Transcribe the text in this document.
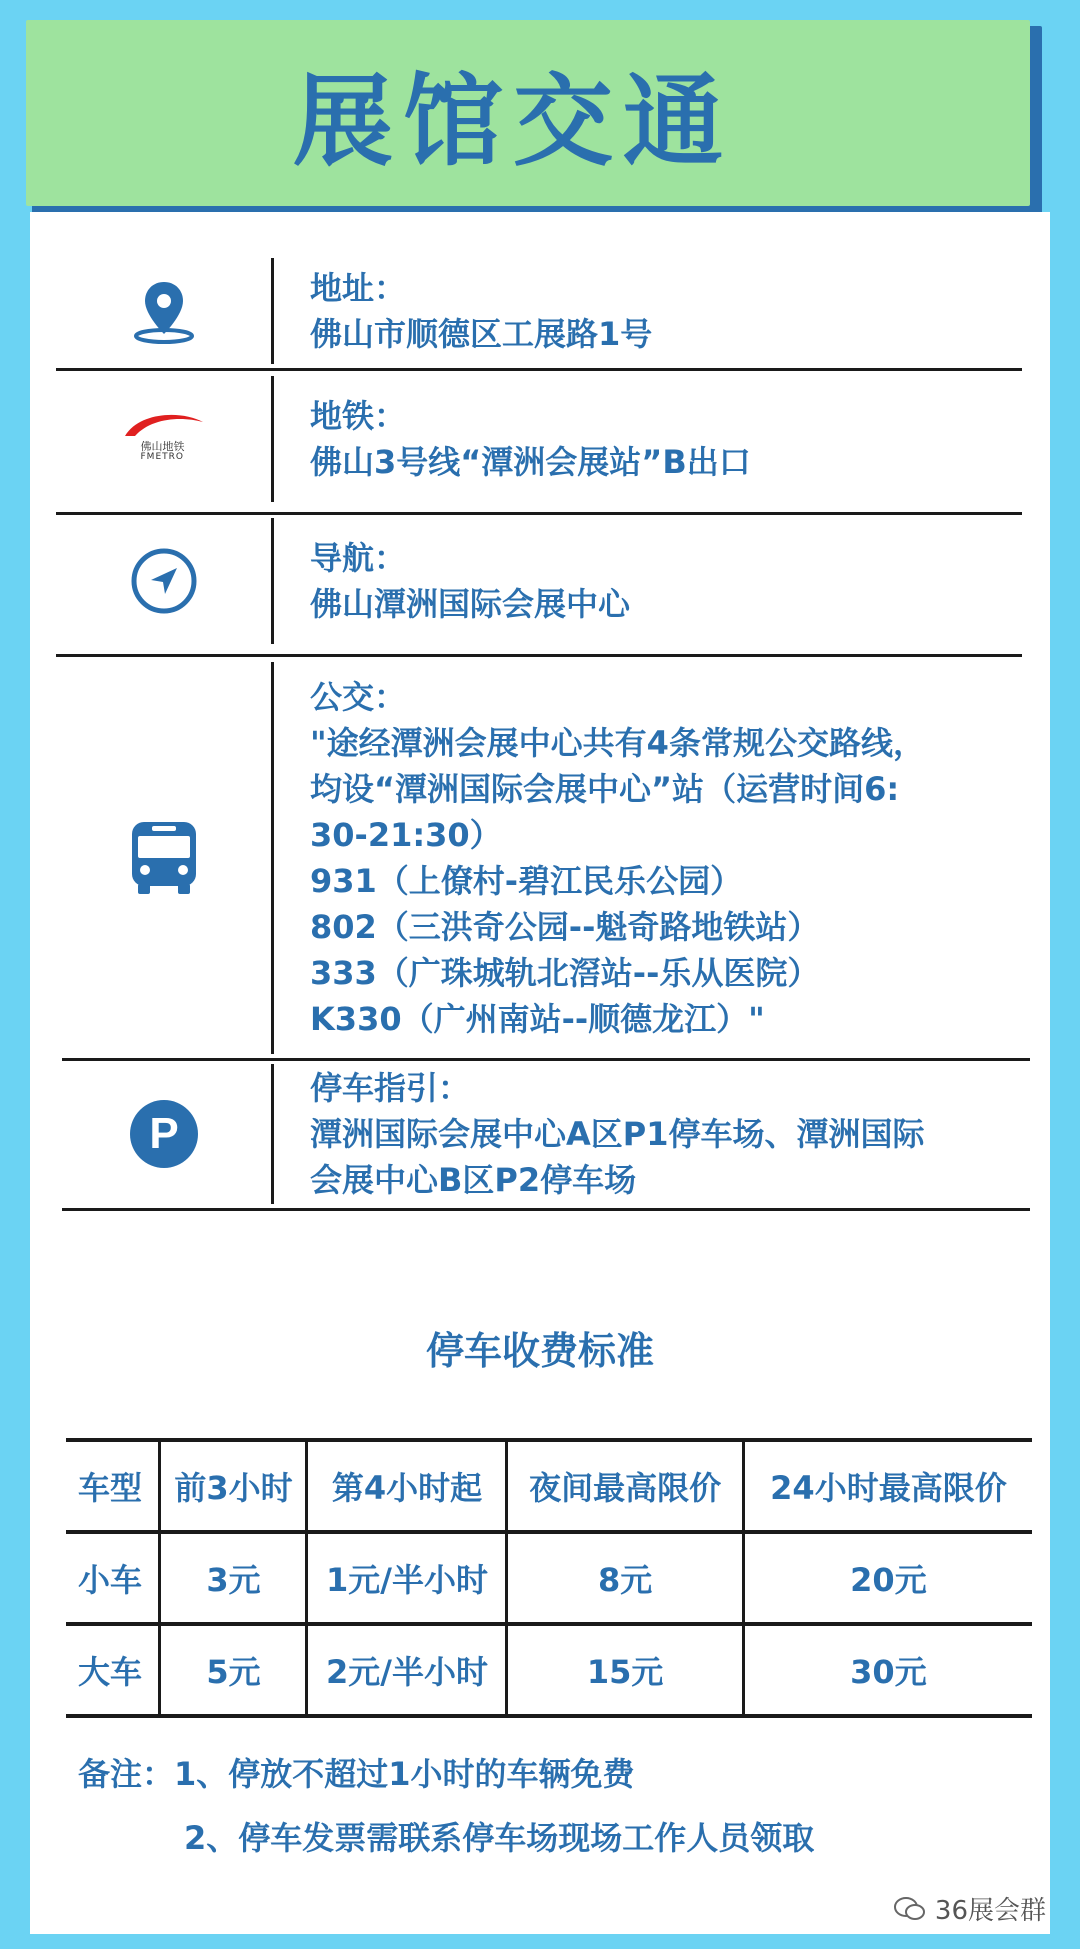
展馆交通
地址：
佛山市顺德区工展路1号
佛山地铁
FMETRO
地铁：
佛山3号线“潭洲会展站”B出口
导航：
佛山潭洲国际会展中心
公交：
"途经潭洲会展中心共有4条常规公交路线，
均设“潭洲国际会展中心”站（运营时间6:
30-21:30）
931（上僚村-碧江民乐公园）
802（三洪奇公园--魁奇路地铁站）
333（广珠城轨北滘站--乐从医院）
K330（广州南站--顺德龙江）"
P
停车指引：
潭洲国际会展中心A区P1停车场、潭洲国际
会展中心B区P2停车场
停车收费标准
车型	前3小时	第4小时起	夜间最高限价	24小时最高限价
小车	3元	1元/半小时	8元	20元
大车	5元	2元/半小时	15元	30元
备注：1、停放不超过1小时的车辆免费
2、停车发票需联系停车场现场工作人员领取
36展会群
